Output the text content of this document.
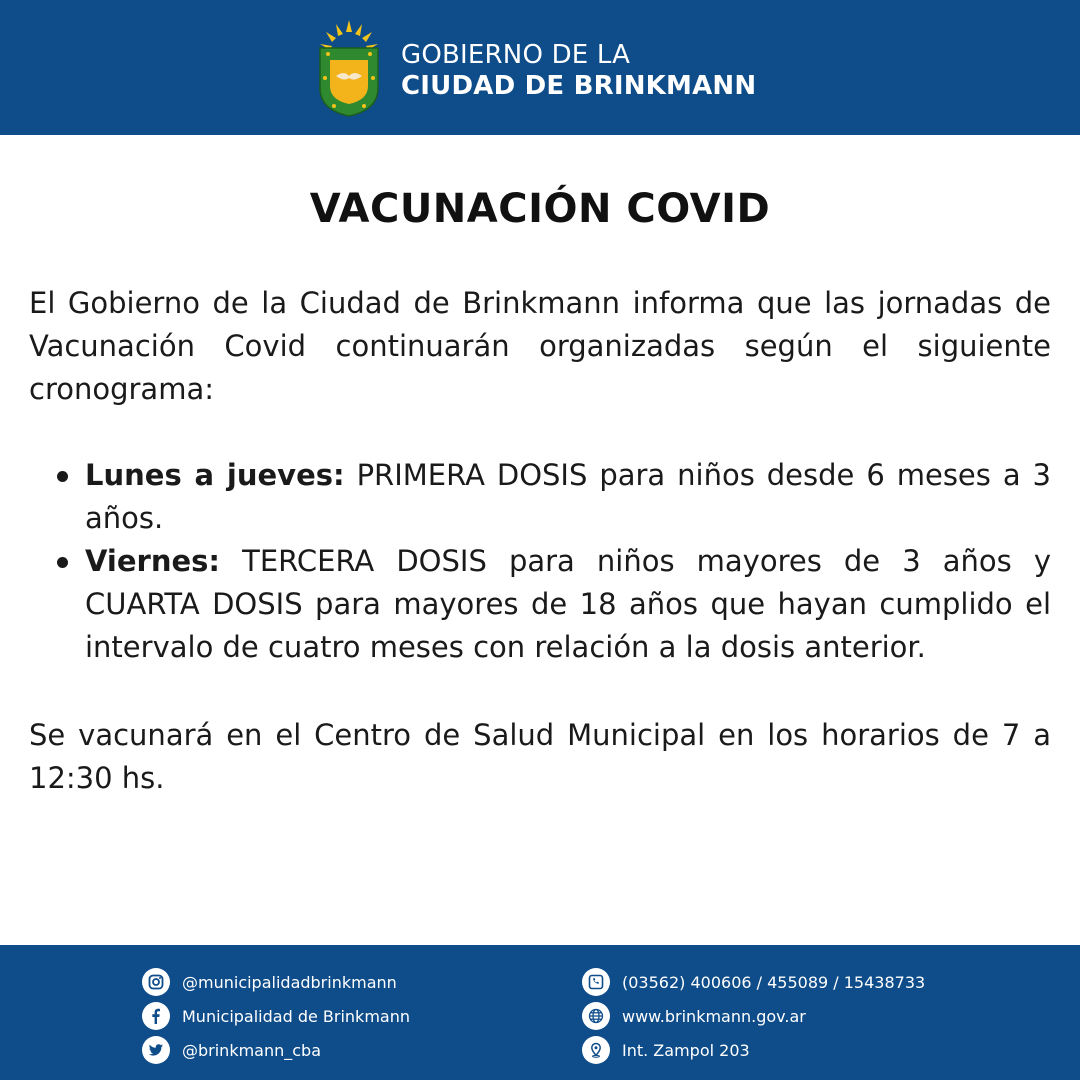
GOBIERNO DE LA
CIUDAD DE BRINKMANN
VACUNACIÓN COVID

El Gobierno de la Ciudad de Brinkmann informa que las jornadas de Vacunación Covid continuarán organizadas según el siguiente cronograma:

Lunes a jueves: PRIMERA DOSIS para niños desde 6 meses a 3 años.
Viernes: TERCERA DOSIS para niños mayores de 3 años y CUARTA DOSIS para mayores de 18 años que hayan cumplido el intervalo de cuatro meses con relación a la dosis anterior.

Se vacunará en el Centro de Salud Municipal en los horarios de 7 a 12:30 hs.

@municipalidadbrinkmann
Municipalidad de Brinkmann
@brinkmann_cba
(03562) 400606 / 455089 / 15438733
www.brinkmann.gov.ar
Int. Zampol 203
